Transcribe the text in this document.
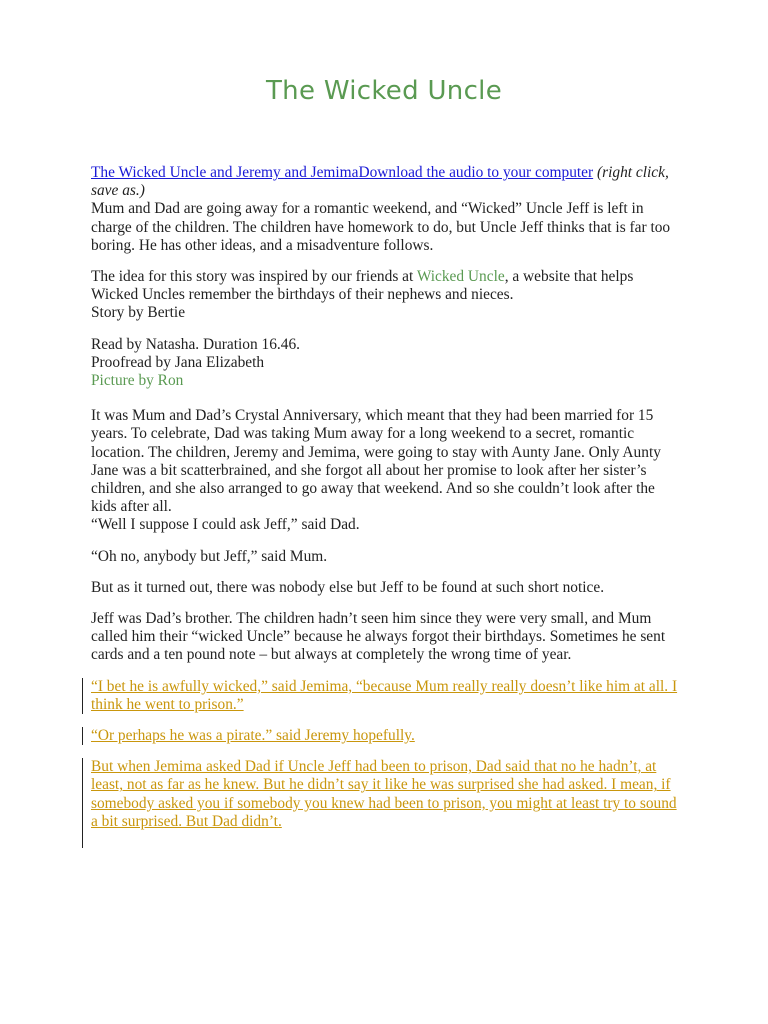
The Wicked Uncle

The Wicked Uncle and Jeremy and JemimaDownload the audio to your computer (right click, save as.)

Mum and Dad are going away for a romantic weekend, and “Wicked” Uncle Jeff is left in charge of the children. The children have homework to do, but Uncle Jeff thinks that is far too boring. He has other ideas, and a misadventure follows.

The idea for this story was inspired by our friends at Wicked Uncle, a website that helps Wicked Uncles remember the birthdays of their nephews and nieces.

Story by Bertie

Read by Natasha. Duration 16.46.

Proofread by Jana Elizabeth

Picture by Ron

It was Mum and Dad’s Crystal Anniversary, which meant that they had been married for 15 years. To celebrate, Dad was taking Mum away for a long weekend to a secret, romantic location. The children, Jeremy and Jemima, were going to stay with Aunty Jane. Only Aunty Jane was a bit scatterbrained, and she forgot all about her promise to look after her sister’s children, and she also arranged to go away that weekend. And so she couldn’t look after the kids after all.

“Well I suppose I could ask Jeff,” said Dad.

“Oh no, anybody but Jeff,” said Mum.

But as it turned out, there was nobody else but Jeff to be found at such short notice.

Jeff was Dad’s brother. The children hadn’t seen him since they were very small, and Mum called him their “wicked Uncle” because he always forgot their birthdays. Sometimes he sent cards and a ten pound note – but always at completely the wrong time of year.

“I bet he is awfully wicked,” said Jemima, “because Mum really really doesn’t like him at all. I think he went to prison.”

“Or perhaps he was a pirate.” said Jeremy hopefully.

But when Jemima asked Dad if Uncle Jeff had been to prison, Dad said that no he hadn’t, at least, not as far as he knew. But he didn’t say it like he was surprised she had asked. I mean, if somebody asked you if somebody you knew had been to prison, you might at least try to sound a bit surprised. But Dad didn’t.
